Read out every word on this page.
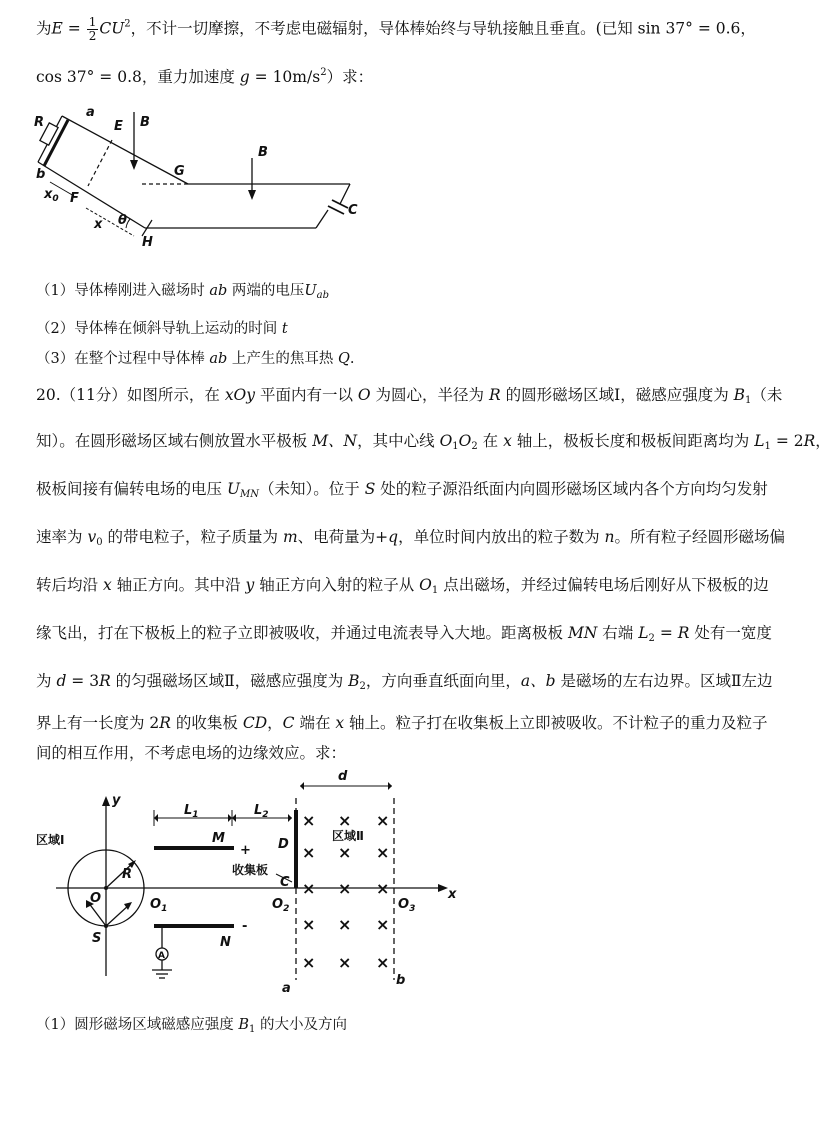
为$E = \frac{1}{2} CU^2$，不计一切摩擦，不考虑电磁辐射，导体棒始终与导轨接触且垂直。(已知 sin 37° = 0.6，
cos 37° = 0.8，重力加速度 $g = 10m/s^2$）求：
R
a
E B
B
G
b
$x_0$ F
x θ
H
C
（1）导体棒刚进入磁场时 ab 两端的电压$U_{ab}$
（2）导体棒在倾斜导轨上运动的时间 t
（3）在整个过程中导体棒 ab 上产生的焦耳热 Q.
20.（11分）如图所示，在 xOy 平面内有一以 O 为圆心，半径为 R 的圆形磁场区域Ⅰ，磁感应强度为 $B_1$（未
知）。在圆形磁场区域右侧放置水平极板 M、N，其中心线 $O_1O_2$ 在 x 轴上，极板长度和极板间距离均为 $L_1 = 2R$，
极板间接有偏转电场的电压 $U_{MN}$（未知）。位于 S 处的粒子源沿纸面内向圆形磁场区域内各个方向均匀发射
速率为 $v_0$ 的带电粒子，粒子质量为 m、电荷量为+q，单位时间内放出的粒子数为 n。所有粒子经圆形磁场偏
转后均沿 x 轴正方向。其中沿 y 轴正方向入射的粒子从 $O_1$ 点出磁场，并经过偏转电场后刚好从下极板的边
缘飞出，打在下极板上的粒子立即被吸收，并通过电流表导入大地。距离极板 MN 右端 $L_2 = R$ 处有一宽度
为 d = 3R 的匀强磁场区域Ⅱ，磁感应强度为 $B_2$，方向垂直纸面向里，a、b 是磁场的左右边界。区域Ⅱ左边
界上有一长度为 2R 的收集板 CD，C 端在 x 轴上。粒子打在收集板上立即被吸收。不计粒子的重力及粒子
间的相互作用，不考虑电场的边缘效应。求：
× × ×
× × ×
× × ×
× × ×
× × ×
y
d
$L_1$	$L_2$
M
+ D
区域Ⅱ
区域Ⅰ
收集板
C
R
O	$O_1$	$O_2$	$O_3$
x
S
A
N
-
a
b
（1）圆形磁场区域磁感应强度 $B_1$ 的大小及方向
